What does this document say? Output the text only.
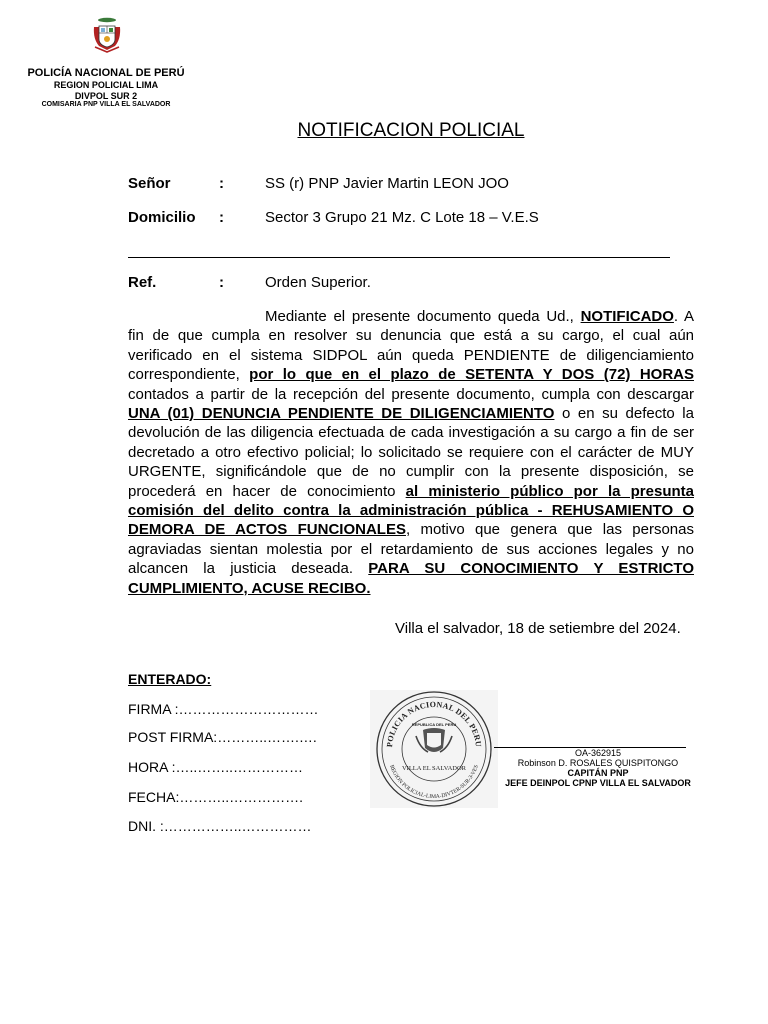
POLICÍA NACIONAL DE PERÚ
REGION POLICIAL LIMA
DIVPOL SUR 2
COMISARIA PNP VILLA EL SALVADOR
NOTIFICACION POLICIAL
Señor	:	SS (r) PNP Javier Martin LEON JOO
Domicilio :	Sector 3 Grupo 21 Mz. C Lote 18 – V.E.S
Ref.	:	Orden Superior.

Mediante el presente documento queda Ud., NOTIFICADO. A fin de que cumpla en resolver su denuncia que está a su cargo, el cual aún verificado en el sistema SIDPOL aún queda PENDIENTE de diligenciamiento correspondiente, por lo que en el plazo de SETENTA Y DOS (72) HORAS contados a partir de la recepción del presente documento, cumpla con descargar UNA (01) DENUNCIA PENDIENTE DE DILIGENCIAMIENTO o en su defecto la devolución de las diligencia efectuada de cada investigación a su cargo a fin de ser decretado a otro efectivo policial; lo solicitado se requiere con el carácter de MUY URGENTE, significándole que de no cumplir con la presente disposición, se procederá en hacer de conocimiento al ministerio público por la presunta comisión del delito contra la administración pública - REHUSAMIENTO O DEMORA DE ACTOS FUNCIONALES, motivo que genera que las personas agraviadas sientan molestia por el retardamiento de sus acciones legales y no alcancen la justicia deseada. PARA SU CONOCIMIENTO Y ESTRICTO CUMPLIMIENTO, ACUSE RECIBO.

Villa el salvador, 18 de setiembre del 2024.
ENTERADO:
FIRMA :…………………………
POST FIRMA:………..…….….
HORA :…..……..……………
FECHA:………..…………….
DNI. :……………..……………
POLICIA NACIONAL DEL PERU
REGION POLICIAL-LIMA-DIVTER-SUR-3-VES
REPUBLICA DEL PERU
VILLA EL SALVADOR
OA-362915
Robinson D. ROSALES QUISPITONGO
CAPITÁN PNP
JEFE DEINPOL CPNP VILLA EL SALVADOR
